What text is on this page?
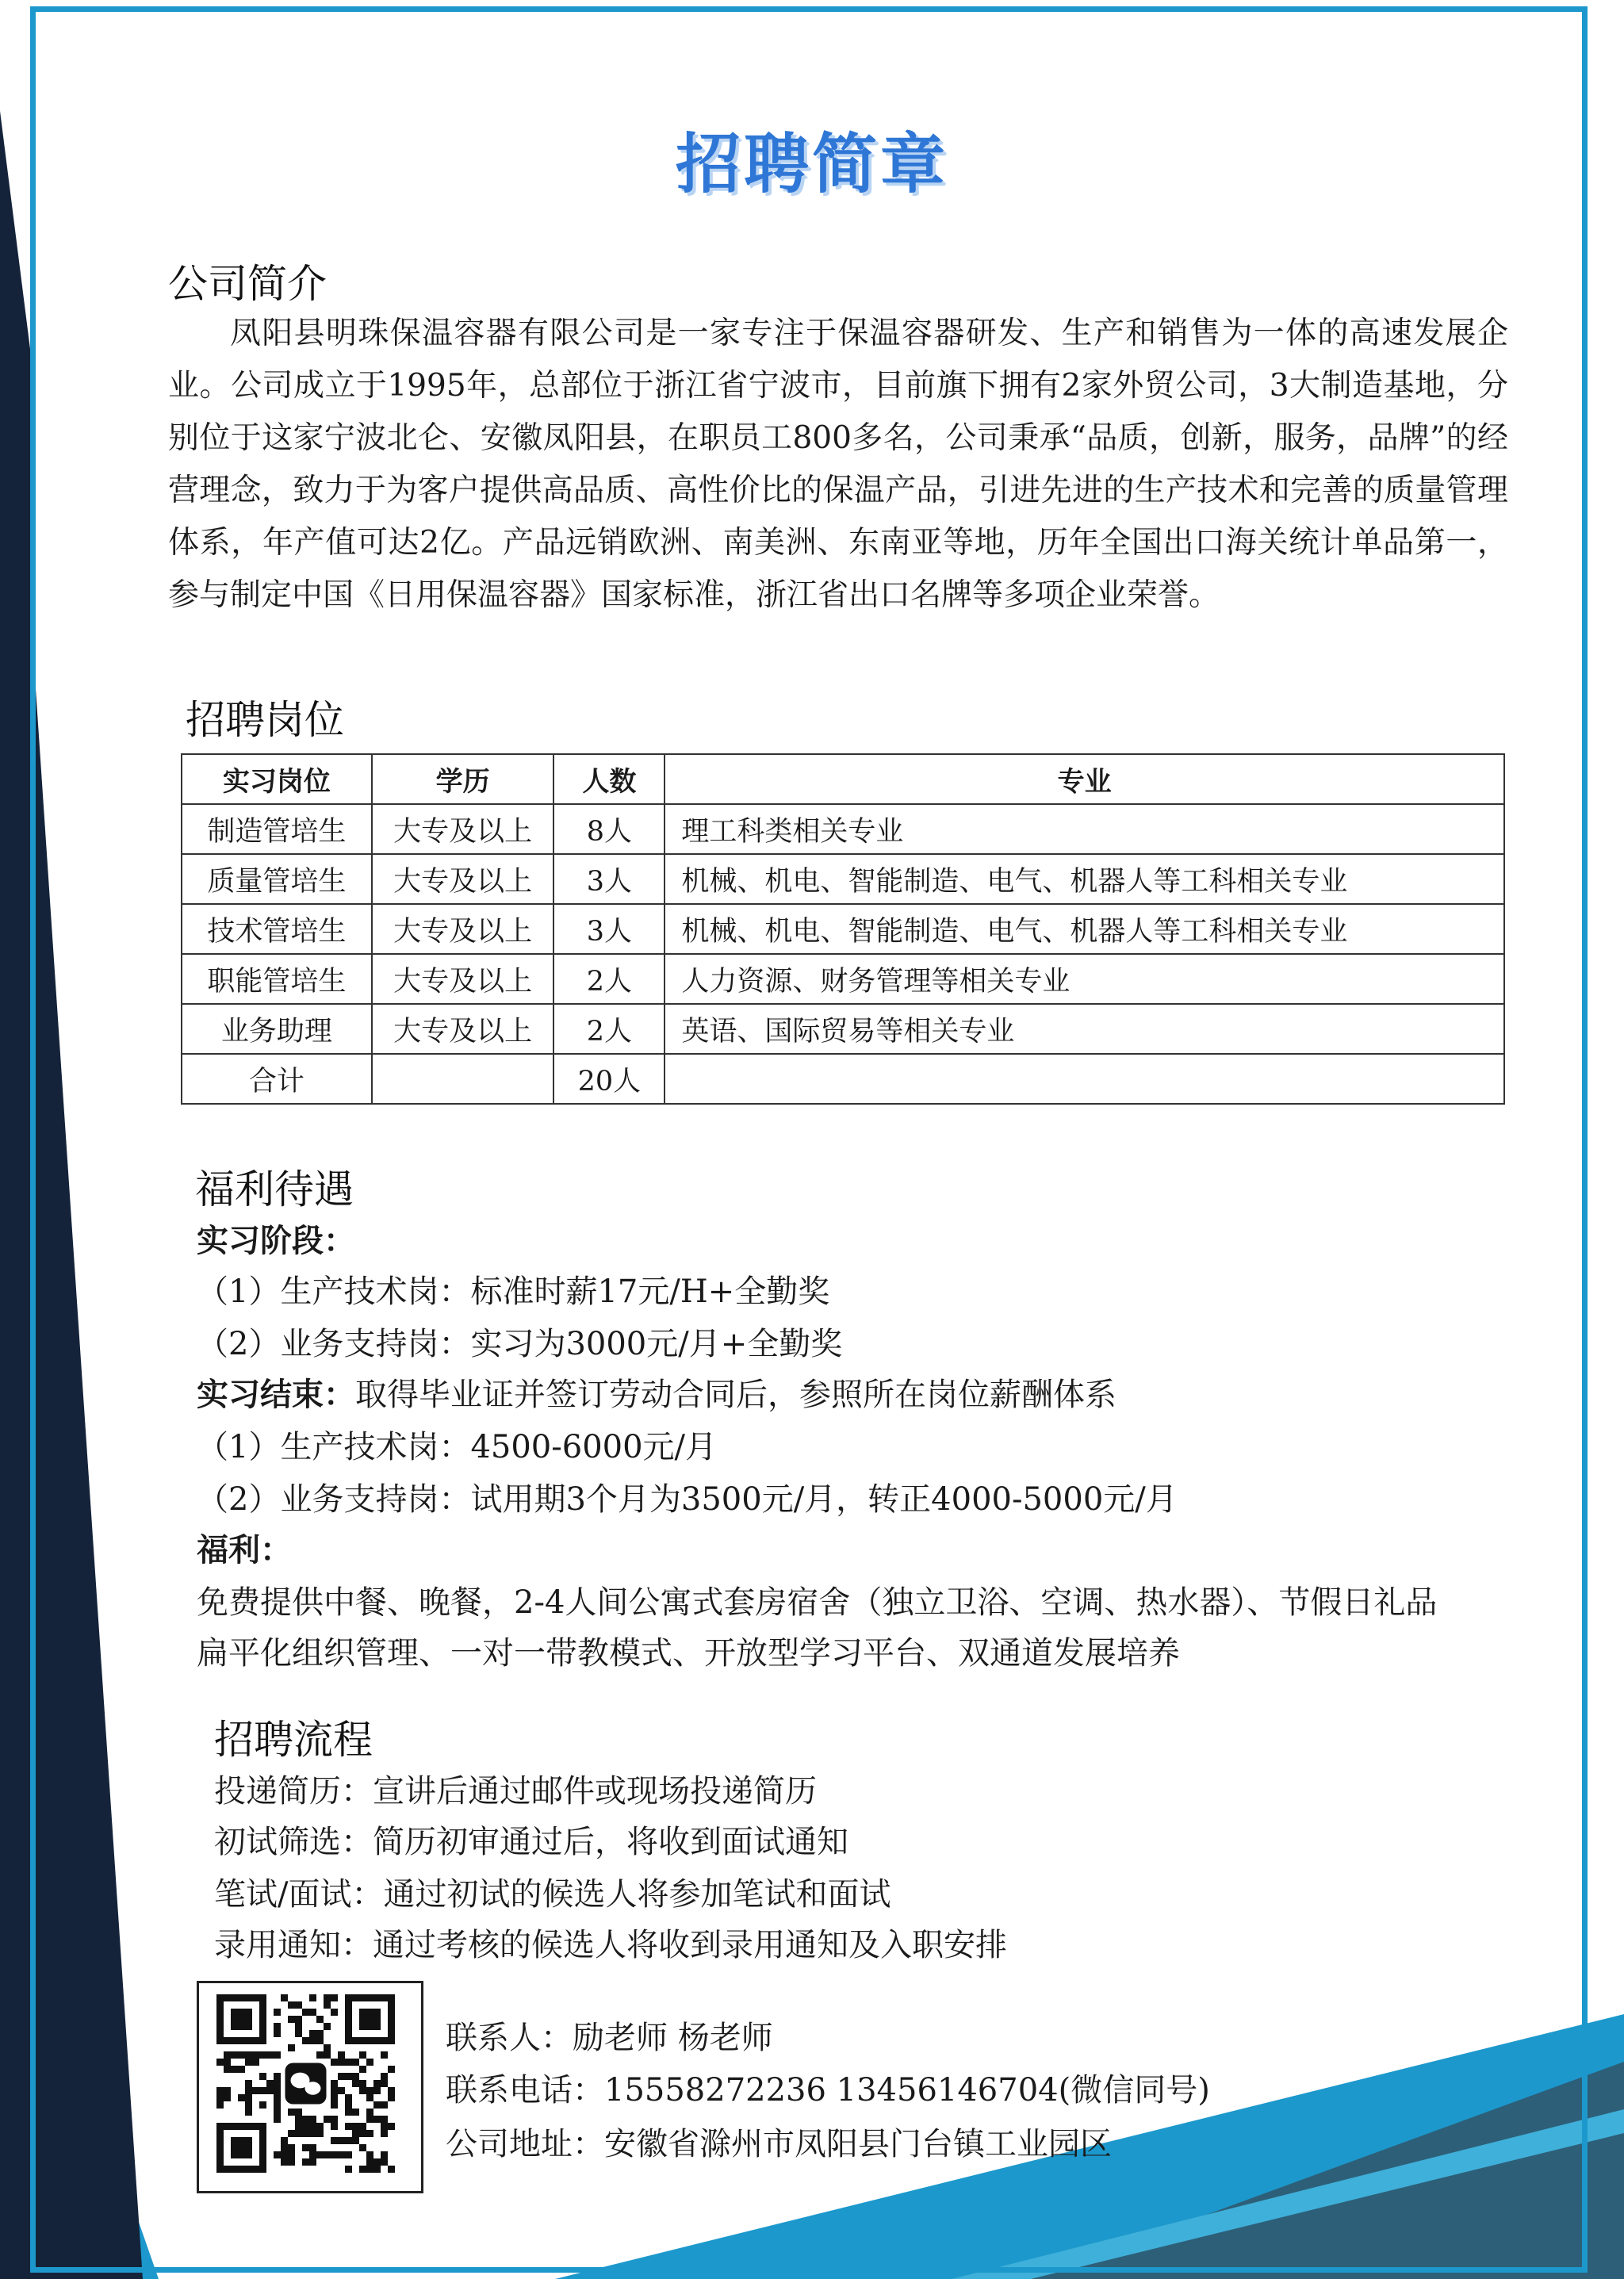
招聘简章
公司简介

凤阳县明珠保温容器有限公司是一家专注于保温容器研发、生产和销售为一体的高速发展企业。公司成立于1995年，总部位于浙江省宁波市，目前旗下拥有2家外贸公司，3大制造基地，分别位于这家宁波北仑、安徽凤阳县，在职员工800多名，公司秉承“品质，创新，服务，品牌”的经营理念，致力于为客户提供高品质、高性价比的保温产品，引进先进的生产技术和完善的质量管理体系，年产值可达2亿。产品远销欧洲、南美洲、东南亚等地，历年全国出口海关统计单品第一，参与制定中国《日用保温容器》国家标准，浙江省出口名牌等多项企业荣誉。

招聘岗位
实习岗位	学历	人数	专业
制造管培生	大专及以上	8人	理工科类相关专业
质量管培生	大专及以上	3人	机械、机电、智能制造、电气、机器人等工科相关专业
技术管培生	大专及以上	3人	机械、机电、智能制造、电气、机器人等工科相关专业
职能管培生	大专及以上	2人	人力资源、财务管理等相关专业
业务助理	大专及以上	2人	英语、国际贸易等相关专业
合计		20人	
福利待遇
实习阶段：
（1）生产技术岗：标准时薪17元/H+全勤奖
（2）业务支持岗：实习为3000元/月+全勤奖
实习结束：取得毕业证并签订劳动合同后，参照所在岗位薪酬体系
（1）生产技术岗：4500-6000元/月
（2）业务支持岗：试用期3个月为3500元/月，转正4000-5000元/月
福利：
免费提供中餐、晚餐，2-4人间公寓式套房宿舍（独立卫浴、空调、热水器）、节假日礼品
扁平化组织管理、一对一带教模式、开放型学习平台、双通道发展培养
招聘流程
投递简历：宣讲后通过邮件或现场投递简历
初试筛选：简历初审通过后，将收到面试通知
笔试/面试：通过初试的候选人将参加笔试和面试
录用通知：通过考核的候选人将收到录用通知及入职安排
联系人：励老师 杨老师
联系电话：15558272236 13456146704(微信同号)
公司地址：安徽省滁州市凤阳县门台镇工业园区
